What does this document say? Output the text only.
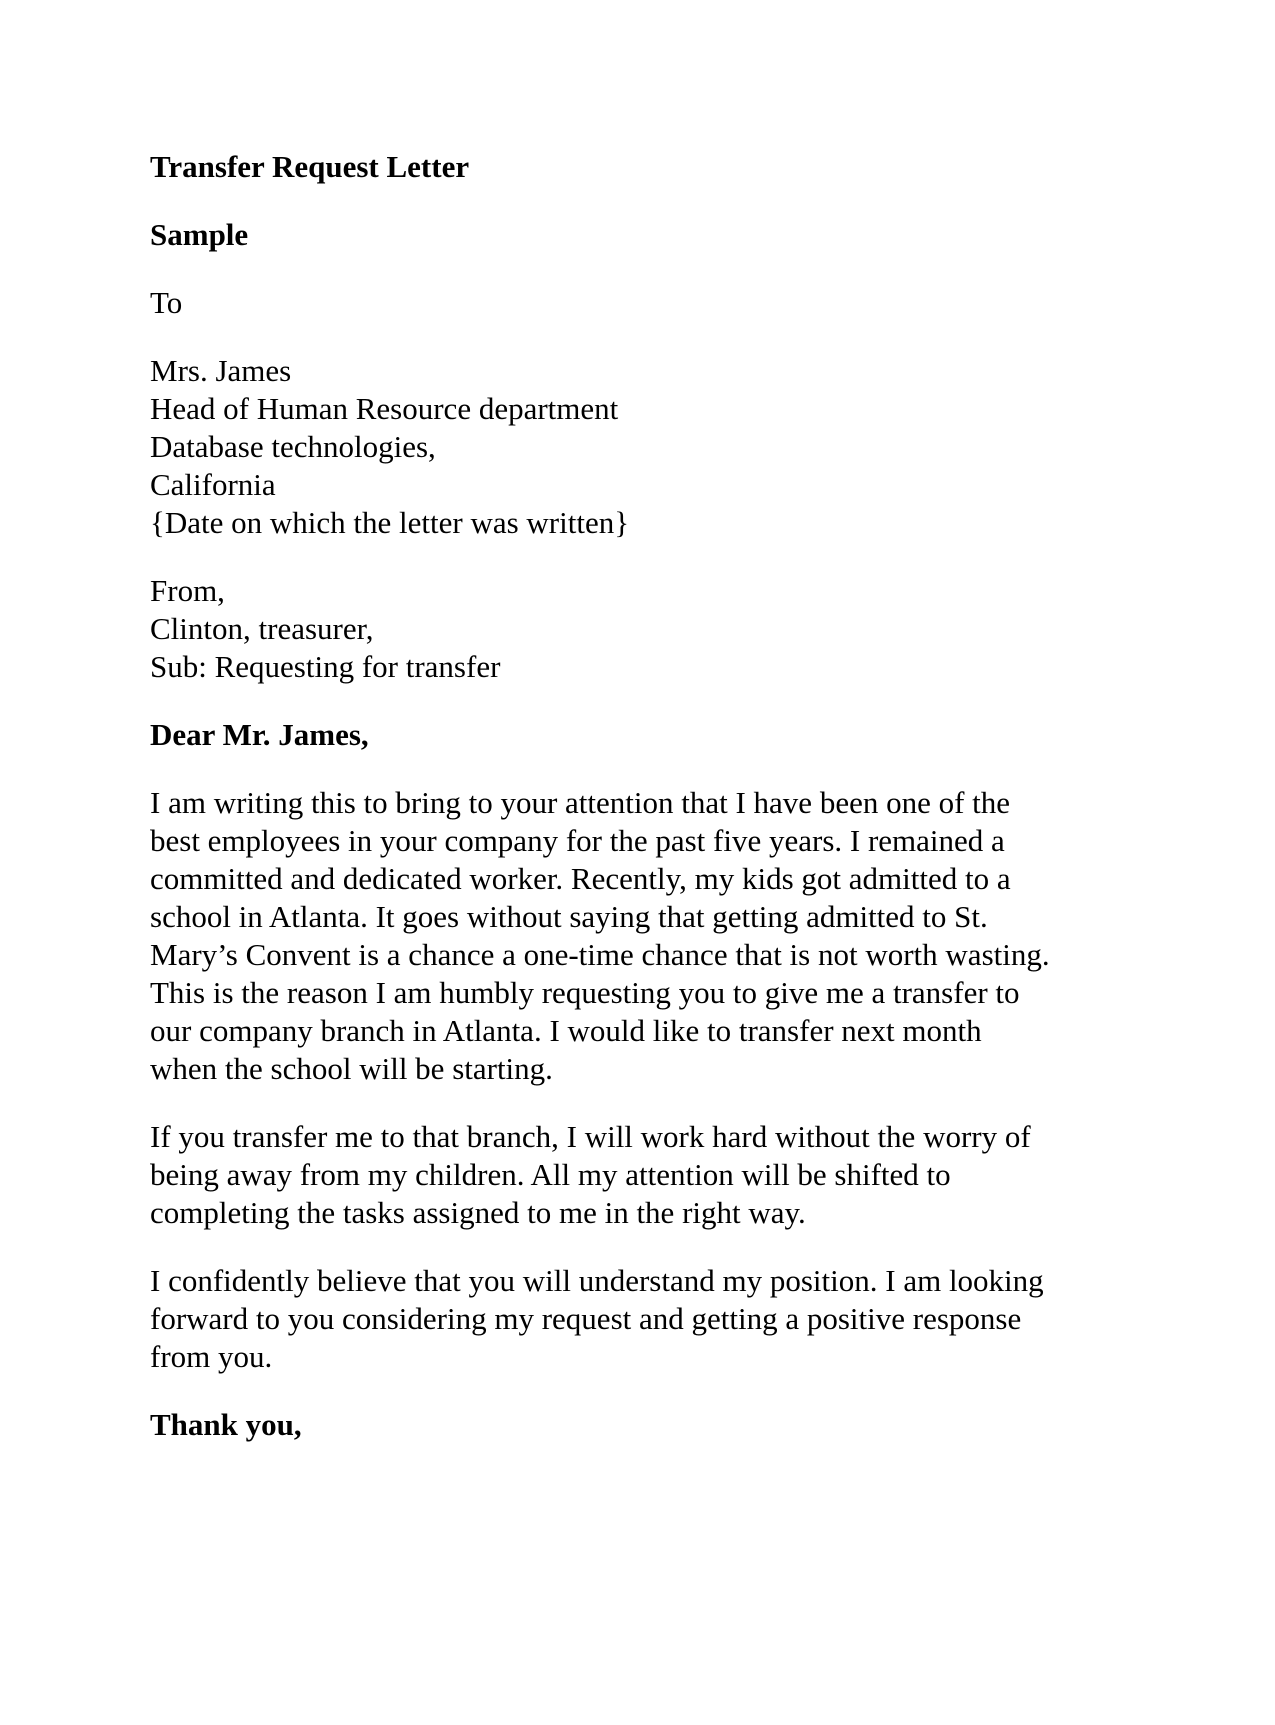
Transfer Request Letter
Sample
To
Mrs. James
Head of Human Resource department
Database technologies,
California
{Date on which the letter was written}
From,
Clinton, treasurer,
Sub: Requesting for transfer
Dear Mr. James,
I am writing this to bring to your attention that I have been one of the
best employees in your company for the past five years. I remained a
committed and dedicated worker. Recently, my kids got admitted to a
school in Atlanta. It goes without saying that getting admitted to St.
Mary’s Convent is a chance a one-time chance that is not worth wasting.
This is the reason I am humbly requesting you to give me a transfer to
our company branch in Atlanta. I would like to transfer next month
when the school will be starting.
If you transfer me to that branch, I will work hard without the worry of
being away from my children. All my attention will be shifted to
completing the tasks assigned to me in the right way.
I confidently believe that you will understand my position. I am looking
forward to you considering my request and getting a positive response
from you.
Thank you,
